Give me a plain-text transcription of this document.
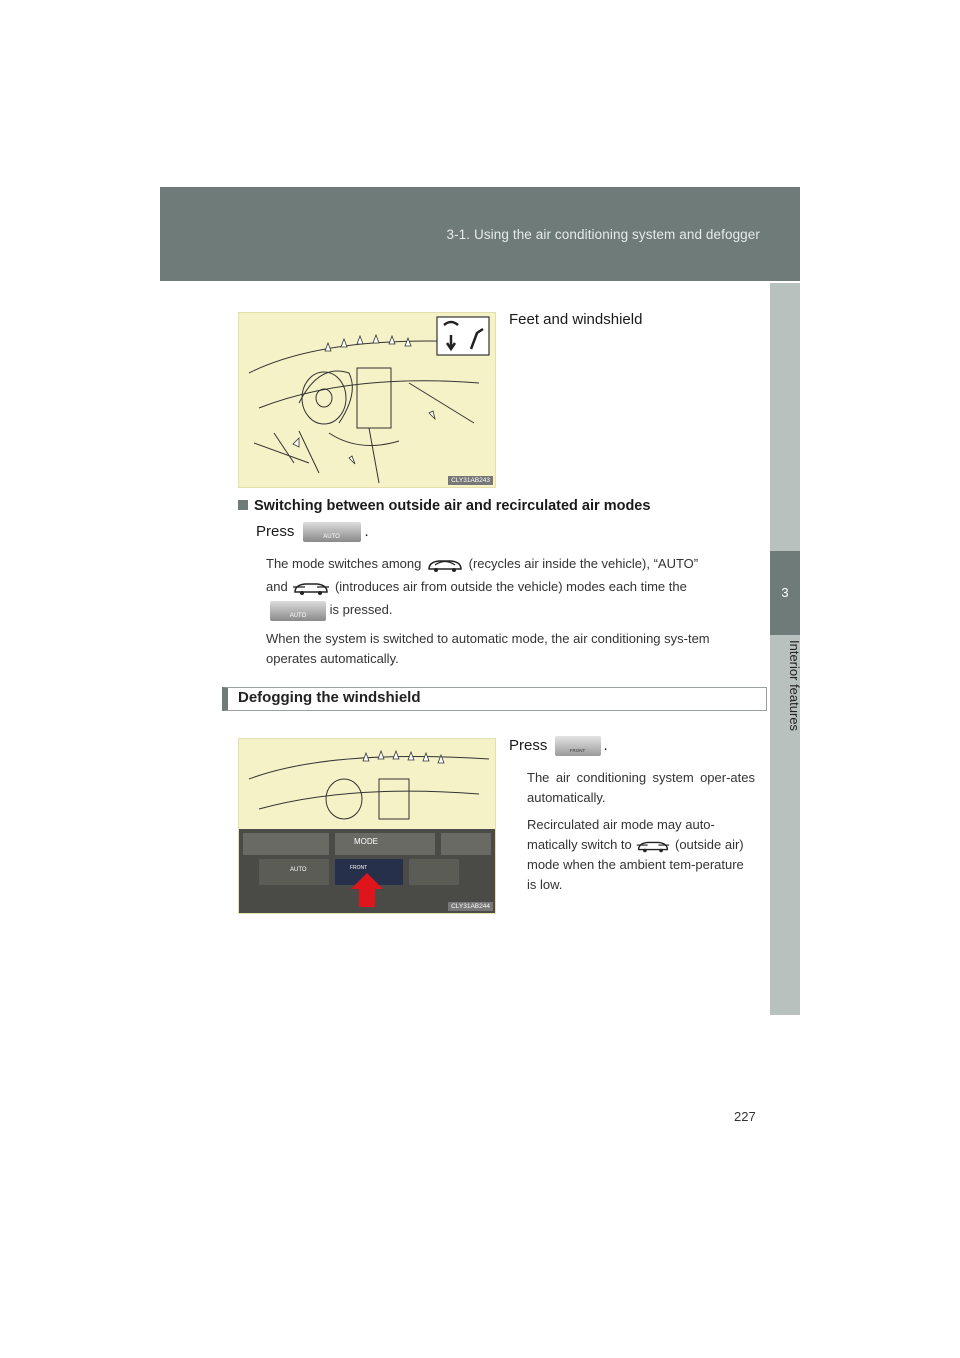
3-1. Using the air conditioning system and defogger
3
Interior features
CLY31AB243
Feet and windshield
Switching between outside air and recirculated air modes
Press	AUTO	.
The mode switches among	(recycles air inside the vehicle), “AUTO”
and	(introduces air from outside the vehicle) modes each time the
AUTO	is pressed.
When the system is switched to automatic mode, the air conditioning sys-tem operates automatically.
Defogging the windshield
MODE
AUTO	FRONT
CLY31AB244
Press	FRONT	.
The air conditioning system oper-ates automatically.
Recirculated air mode may auto-matically switch to	(outside air) mode when the ambient tem-perature is low.
227
